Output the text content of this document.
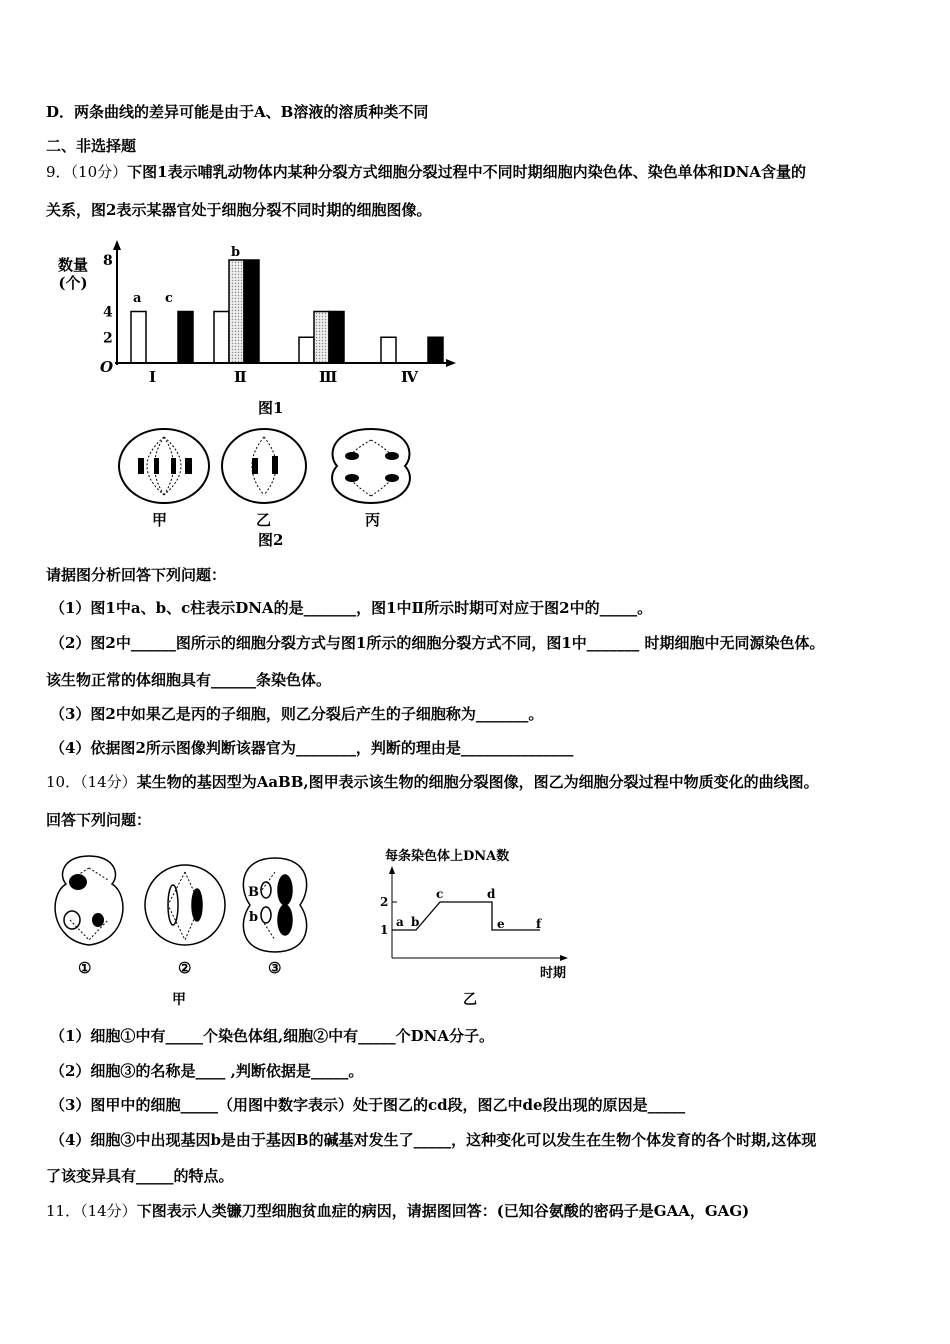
D．两条曲线的差异可能是由于A、B溶液的溶质种类不同
二、非选择题
9．（10分）下图1表示哺乳动物体内某种分裂方式细胞分裂过程中不同时期细胞内染色体、染色单体和DNA含量的
关系，图2表示某器官处于细胞分裂不同时期的细胞图像。
请据图分析回答下列问题：
（1）图1中a、b、c柱表示DNA的是_______，图1中Ⅱ所示时期可对应于图2中的_____。
（2）图2中______图所示的细胞分裂方式与图1所示的细胞分裂方式不同，图1中_______ 时期细胞中无同源染色体。
该生物正常的体细胞具有______条染色体。
（3）图2中如果乙是丙的子细胞，则乙分裂后产生的子细胞称为_______。
（4）依据图2所示图像判断该器官为________，判断的理由是_______________
10．（14分）某生物的基因型为AaBB,图甲表示该生物的细胞分裂图像，图乙为细胞分裂过程中物质变化的曲线图。
回答下列问题：
（1）细胞①中有_____个染色体组,细胞②中有_____个DNA分子。
（2）细胞③的名称是____ ,判断依据是_____。
（3）图甲中的细胞_____（用图中数字表示）处于图乙的cd段，图乙中de段出现的原因是_____
（4）细胞③中出现基因b是由于基因B的碱基对发生了_____，这种变化可以发生在生物个体发育的各个时期,这体现
了该变异具有_____的特点。
11．（14分）下图表示人类镰刀型细胞贫血症的病因，请据图回答：(已知谷氨酸的密码子是GAA，GAG)
数量(个)
Ⅰ	Ⅱ	Ⅲ	Ⅳ
2
4
8
a
b
c
O
图1
甲	乙	丙
图2
B
b
①	②	③
甲
a b
c	d
e	f
1
2
每条染色体上DNA数
时期
乙
